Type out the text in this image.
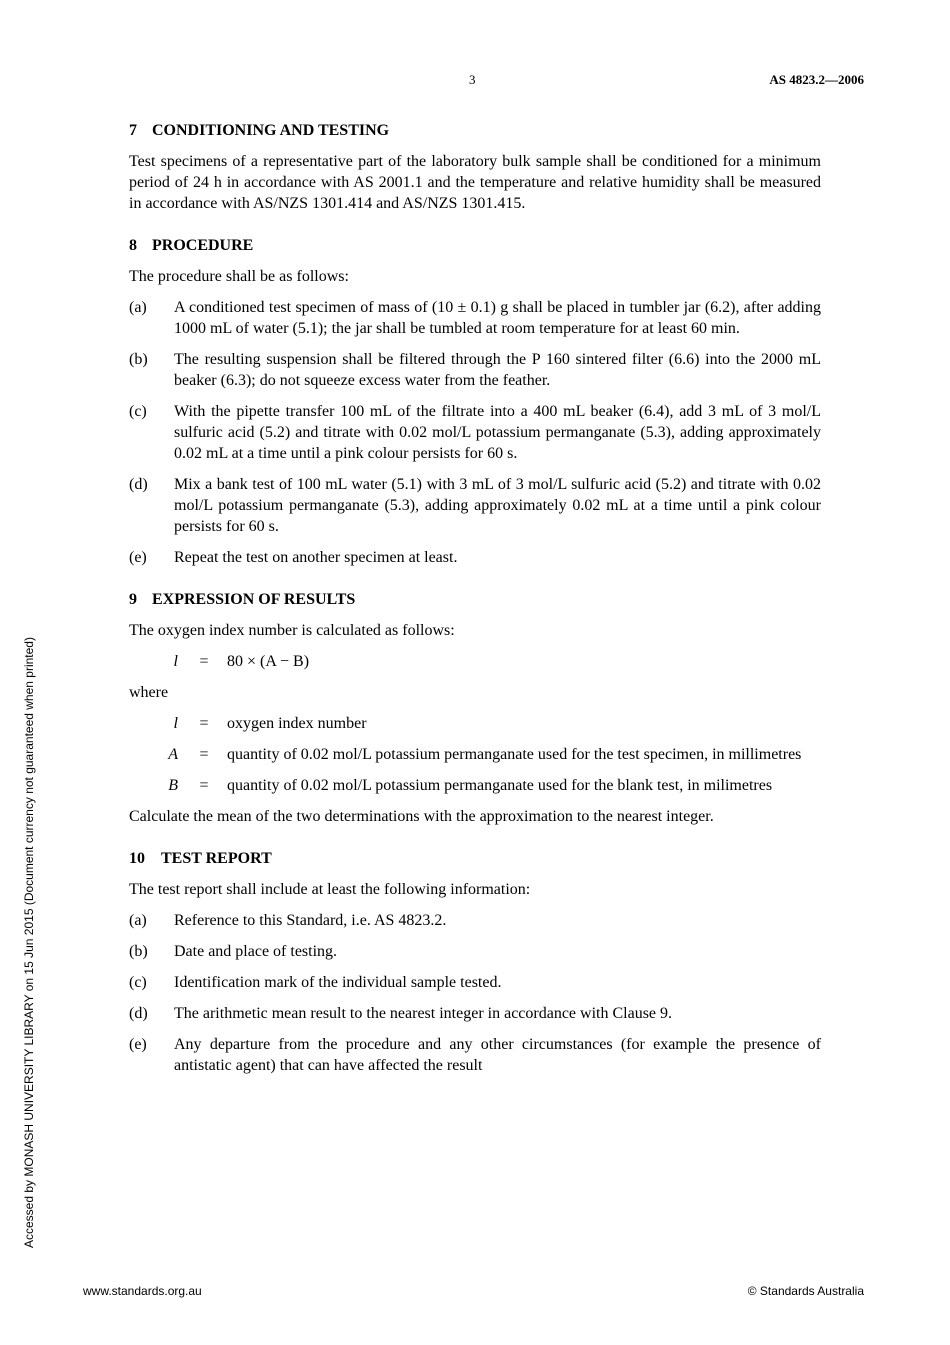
3	AS 4823.2—2006
Accessed by MONASH UNIVERSITY LIBRARY on 15 Jun 2015 (Document currency not guaranteed when printed)
7 CONDITIONING AND TESTING

Test specimens of a representative part of the laboratory bulk sample shall be conditioned for a minimum period of 24 h in accordance with AS 2001.1 and the temperature and relative humidity shall be measured in accordance with AS/NZS 1301.414 and AS/NZS 1301.415.

8 PROCEDURE

The procedure shall be as follows:

(a)	A conditioned test specimen of mass of (10 ± 0.1) g shall be placed in tumbler jar (6.2), after adding 1000 mL of water (5.1); the jar shall be tumbled at room temperature for at least 60 min.
(b)	The resulting suspension shall be filtered through the P 160 sintered filter (6.6) into the 2000 mL beaker (6.3); do not squeeze excess water from the feather.
(c)	With the pipette transfer 100 mL of the filtrate into a 400 mL beaker (6.4), add 3 mL of 3 mol/L sulfuric acid (5.2) and titrate with 0.02 mol/L potassium permanganate (5.3), adding approximately 0.02 mL at a time until a pink colour persists for 60 s.
(d)	Mix a bank test of 100 mL water (5.1) with 3 mL of 3 mol/L sulfuric acid (5.2) and titrate with 0.02 mol/L potassium permanganate (5.3), adding approximately 0.02 mL at a time until a pink colour persists for 60 s.
(e)	Repeat the test on another specimen at least.
9 EXPRESSION OF RESULTS

The oxygen index number is calculated as follows:

l	=	80 × (A − B)

where

l	=	oxygen index number
A	=	quantity of 0.02 mol/L potassium permanganate used for the test specimen, in millimetres
B	=	quantity of 0.02 mol/L potassium permanganate used for the blank test, in milimetres

Calculate the mean of the two determinations with the approximation to the nearest integer.

10 TEST REPORT

The test report shall include at least the following information:

(a)	Reference to this Standard, i.e. AS 4823.2.
(b)	Date and place of testing.
(c)	Identification mark of the individual sample tested.
(d)	The arithmetic mean result to the nearest integer in accordance with Clause 9.
(e)	Any departure from the procedure and any other circumstances (for example the presence of antistatic agent) that can have affected the result
www.standards.org.au	© Standards Australia
